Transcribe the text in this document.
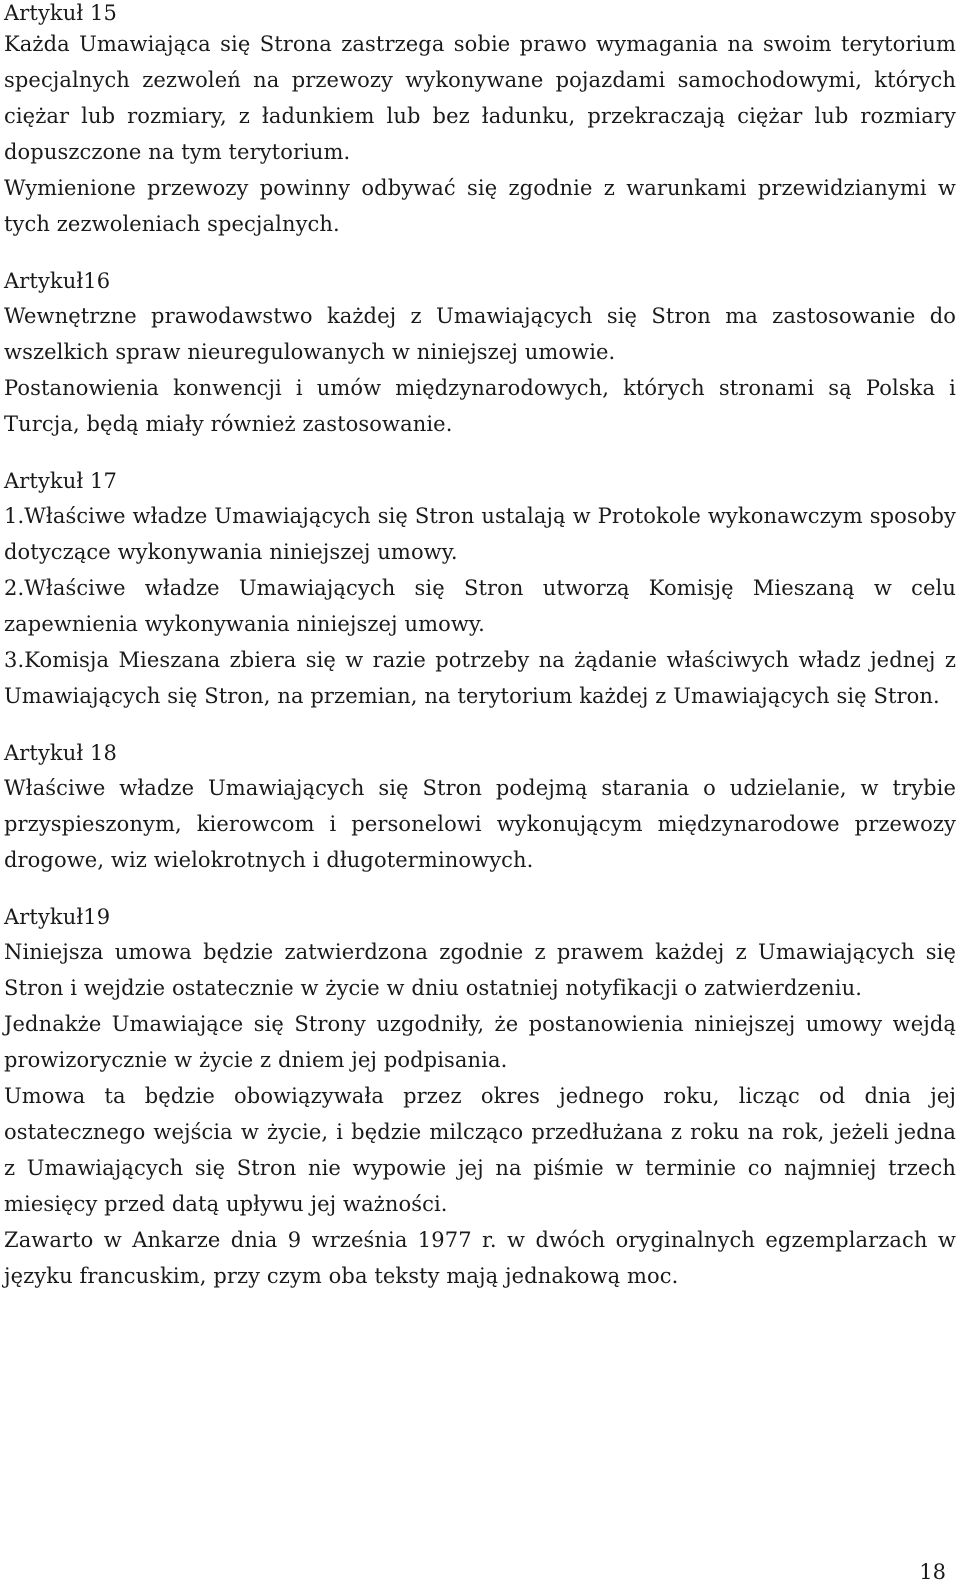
Artykuł 15

Każda Umawiająca się Strona zastrzega sobie prawo wymagania na swoim terytorium specjalnych zezwoleń na przewozy wykonywane pojazdami samochodowymi, których ciężar lub rozmiary, z ładunkiem lub bez ładunku, przekraczają ciężar lub rozmiary dopuszczone na tym terytorium.

Wymienione przewozy powinny odbywać się zgodnie z warunkami przewidzianymi w tych zezwoleniach specjalnych.

Artykuł16

Wewnętrzne prawodawstwo każdej z Umawiających się Stron ma zastosowanie do wszelkich spraw nieuregulowanych w niniejszej umowie.

Postanowienia konwencji i umów międzynarodowych, których stronami są Polska i Turcja, będą miały również zastosowanie.

Artykuł 17

1.Właściwe władze Umawiających się Stron ustalają w Protokole wykonawczym sposoby dotyczące wykonywania niniejszej umowy.

2.Właściwe władze Umawiających się Stron utworzą Komisję Mieszaną w celu zapewnienia wykonywania niniejszej umowy.

3.Komisja Mieszana zbiera się w razie potrzeby na żądanie właściwych władz jednej z Umawiających się Stron, na przemian, na terytorium każdej z Umawiających się Stron.

Artykuł 18

Właściwe władze Umawiających się Stron podejmą starania o udzielanie, w trybie przyspieszonym, kierowcom i personelowi wykonującym międzynarodowe przewozy drogowe, wiz wielokrotnych i długoterminowych.

Artykuł19

Niniejsza umowa będzie zatwierdzona zgodnie z prawem każdej z Umawiających się Stron i wejdzie ostatecznie w życie w dniu ostatniej notyfikacji o zatwierdzeniu.

Jednakże Umawiające się Strony uzgodniły, że postanowienia niniejszej umowy wejdą prowizorycznie w życie z dniem jej podpisania.

Umowa ta będzie obowiązywała przez okres jednego roku, licząc od dnia jej ostatecznego wejścia w życie, i będzie milcząco przedłużana z roku na rok, jeżeli jedna z Umawiających się Stron nie wypowie jej na piśmie w terminie co najmniej trzech miesięcy przed datą upływu jej ważności.

Zawarto w Ankarze dnia 9 września 1977 r. w dwóch oryginalnych egzemplarzach w języku francuskim, przy czym oba teksty mają jednakową moc.

18
